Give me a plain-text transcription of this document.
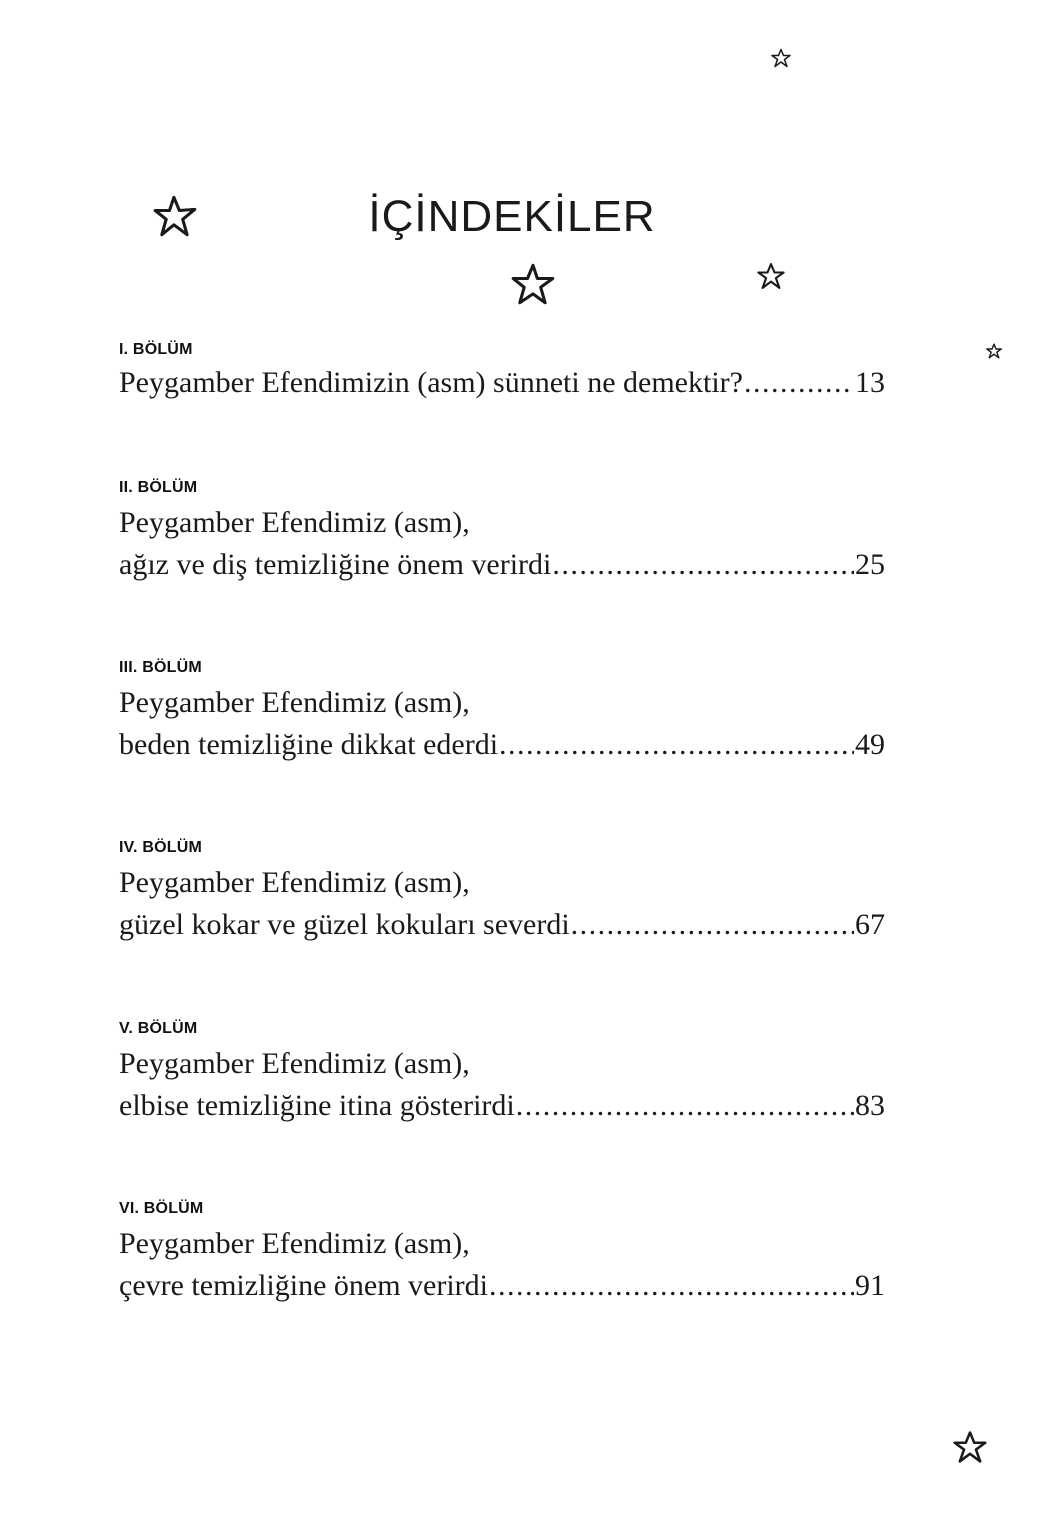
İÇİNDEKİLER
I. BÖLÜM
Peygamber Efendimizin (asm) sünneti ne demektir? .....	13
II. BÖLÜM
Peygamber Efendimiz (asm),
ağız ve diş temizliğine önem verirdi .....	25
III. BÖLÜM
Peygamber Efendimiz (asm),
beden temizliğine dikkat ederdi .....	49
IV. BÖLÜM
Peygamber Efendimiz (asm),
güzel kokar ve güzel kokuları severdi .....	67
V. BÖLÜM
Peygamber Efendimiz (asm),
elbise temizliğine itina gösterirdi .....	83
VI. BÖLÜM
Peygamber Efendimiz (asm),
çevre temizliğine önem verirdi .....	91
